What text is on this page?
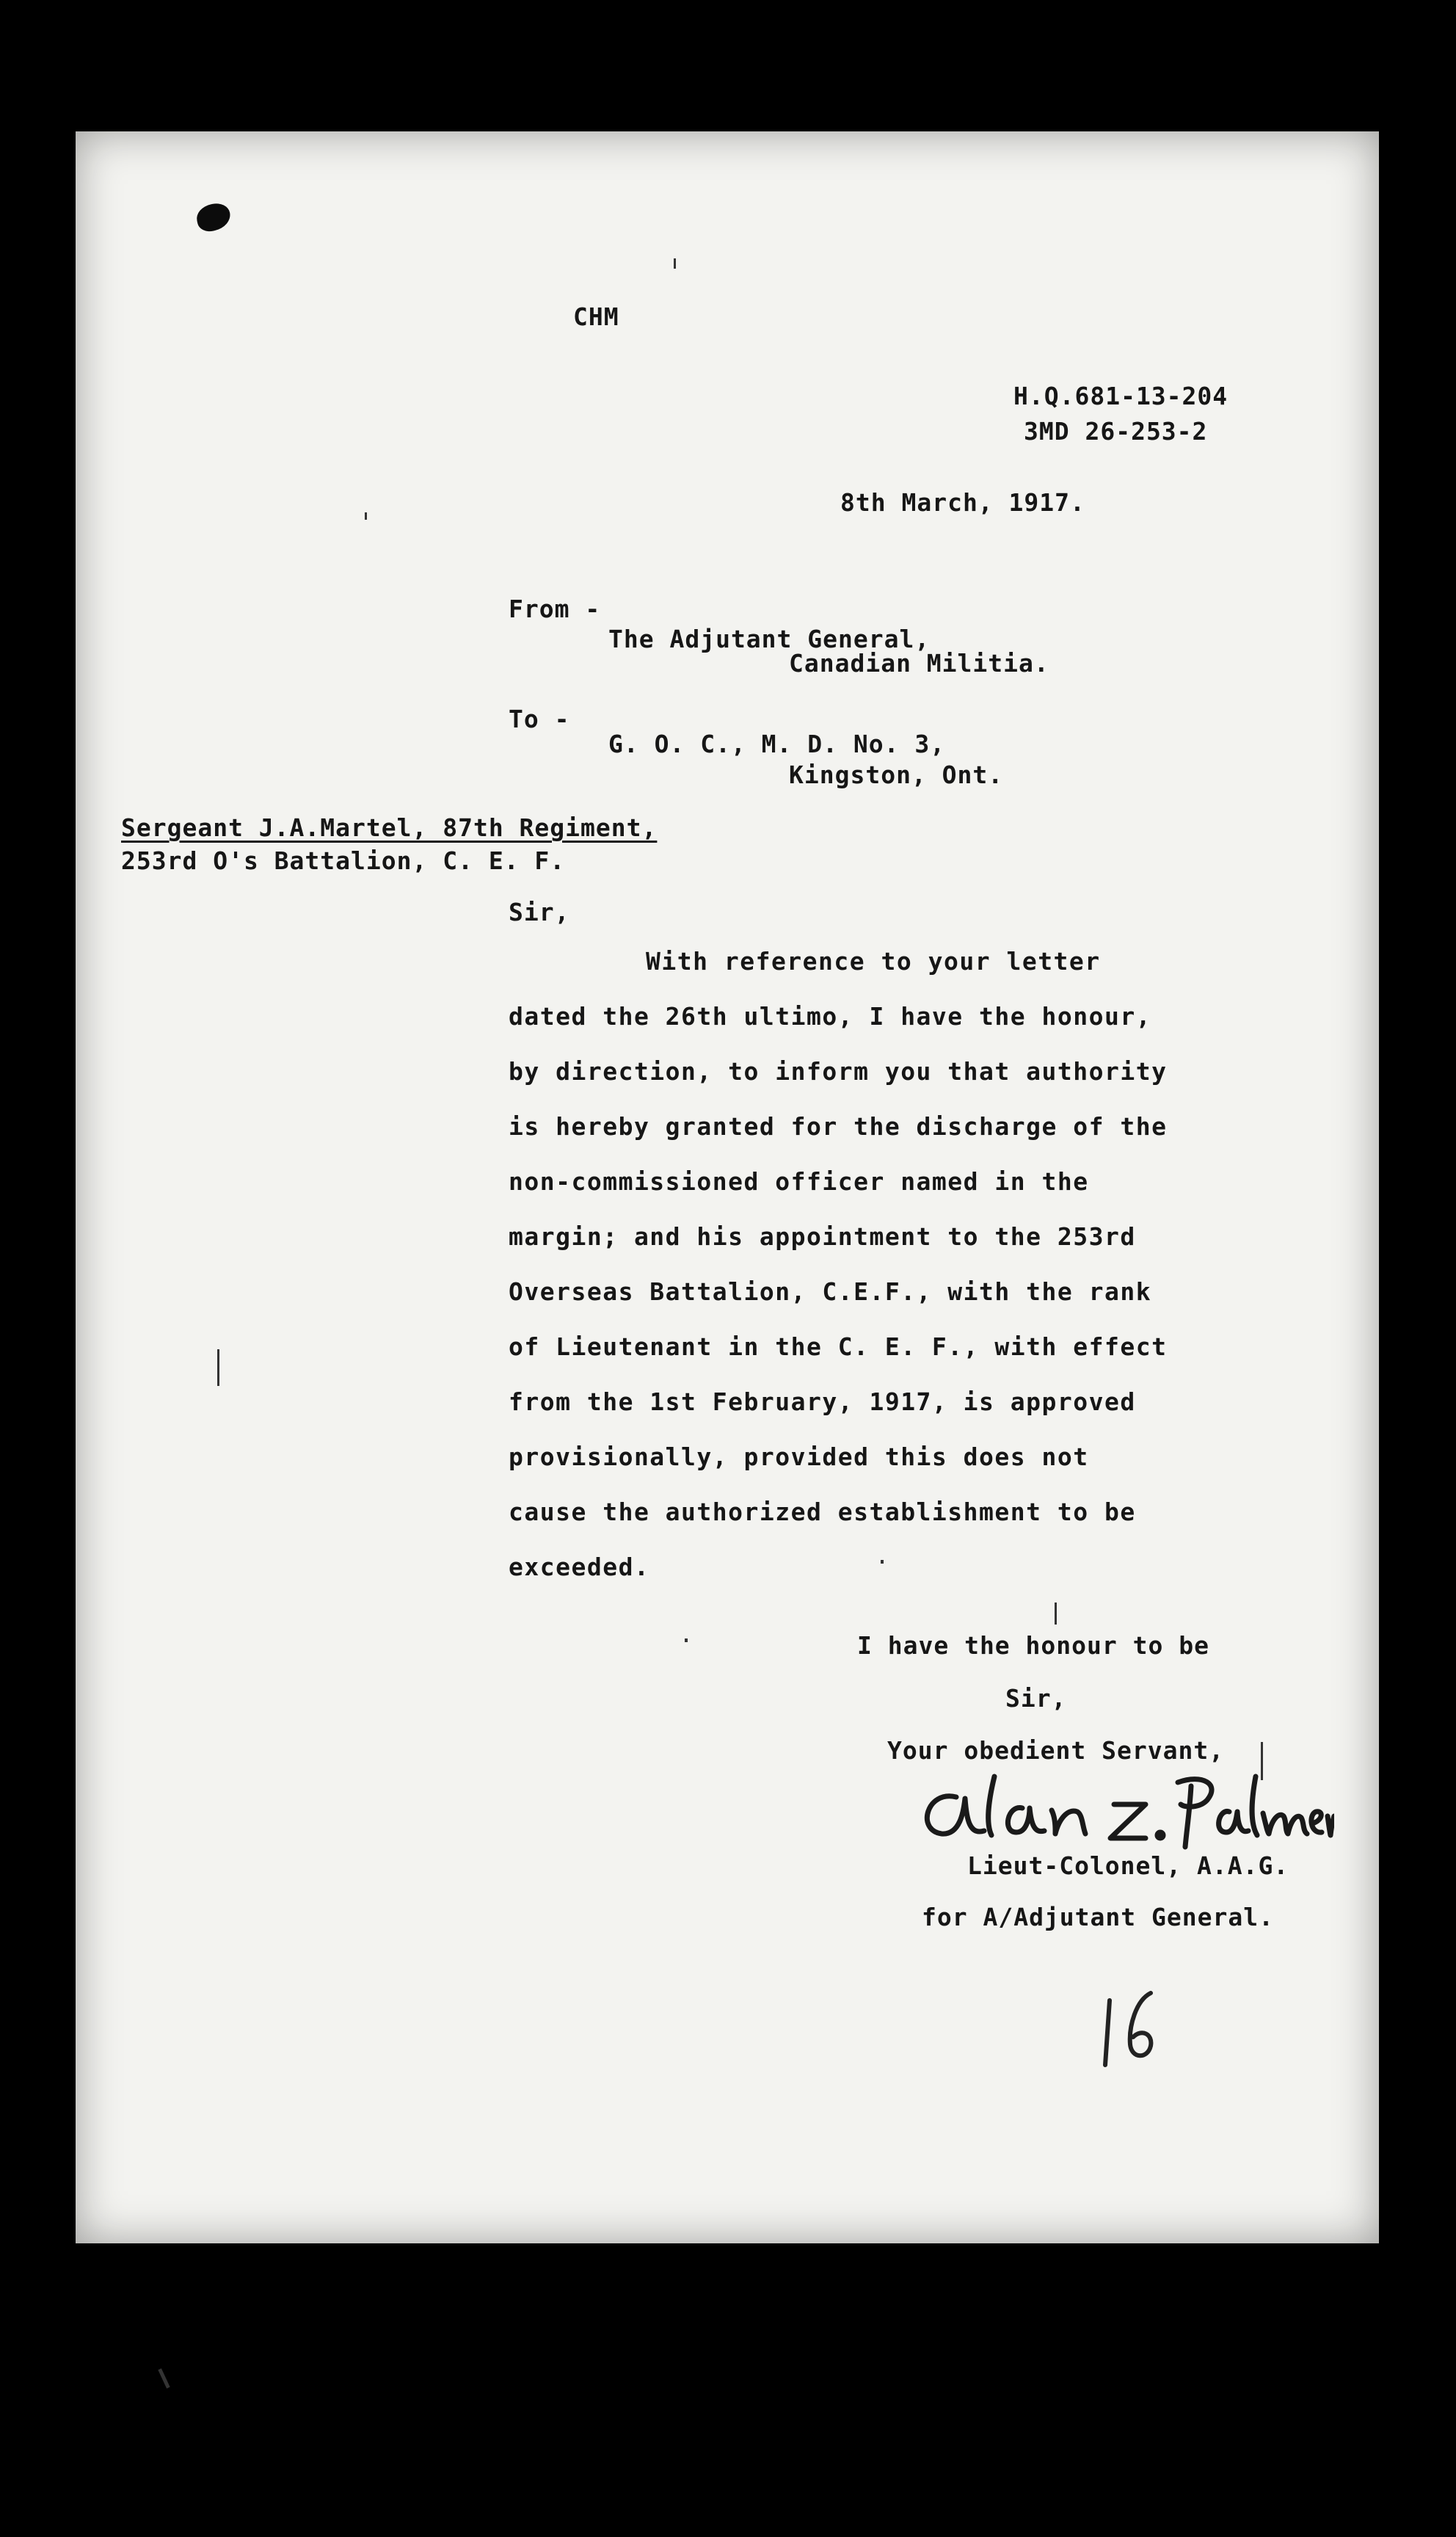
CHM
H.Q.681-13-204
3MD 26-253-2
8th March, 1917.
From -
The Adjutant General,
Canadian Militia.
To -
G. O. C., M. D. No. 3,
Kingston, Ont.
Sergeant J.A.Martel, 87th Regiment,
253rd O's Battalion, C. E. F.
Sir,
With reference to your letter
dated the 26th ultimo, I have the honour,
by direction, to inform you that authority
is hereby granted for the discharge of the
non-commissioned officer named in the
margin; and his appointment to the 253rd
Overseas Battalion, C.E.F., with the rank
of Lieutenant in the C. E. F., with effect
from the 1st February, 1917, is approved
provisionally, provided this does not
cause the authorized establishment to be
exceeded.
I have the honour to be
Sir,
Your obedient Servant,
Lieut-Colonel, A.A.G.
for A/Adjutant General.
